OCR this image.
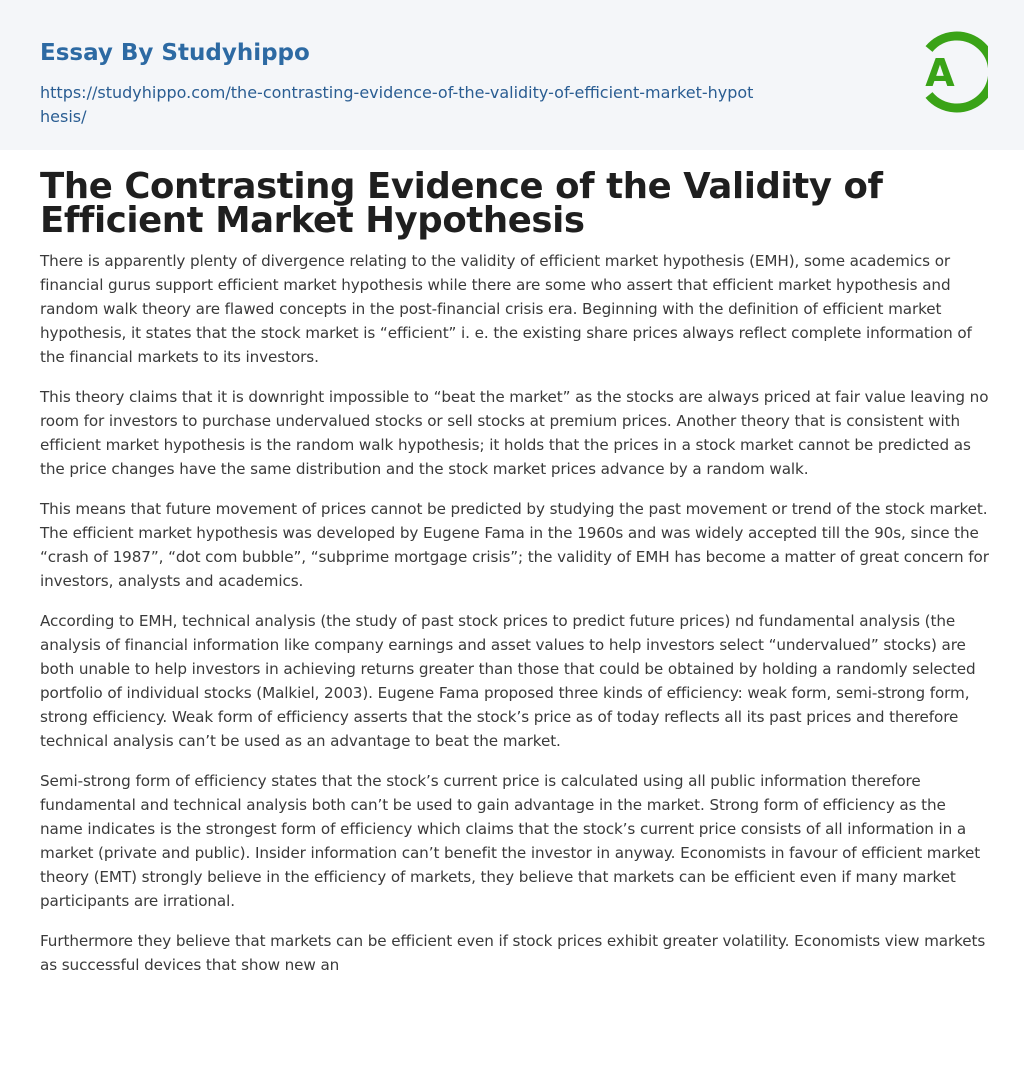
Essay By Studyhippo
https://studyhippo.com/the-contrasting-evidence-of-the-validity-of-efficient-market-hypothesis/
A
The Contrasting Evidence of the Validity of Efficient Market Hypothesis

There is apparently plenty of divergence relating to the validity of efficient market hypothesis (EMH), some academics or financial gurus support efficient market hypothesis while there are some who assert that efficient market hypothesis and random walk theory are flawed concepts in the post-financial crisis era. Beginning with the definition of efficient market hypothesis, it states that the stock market is “efficient” i. e. the existing share prices always reflect complete information of the financial markets to its investors.

This theory claims that it is downright impossible to “beat the market” as the stocks are always priced at fair value leaving no room for investors to purchase undervalued stocks or sell stocks at premium prices. Another theory that is consistent with efficient market hypothesis is the random walk hypothesis; it holds that the prices in a stock market cannot be predicted as the price changes have the same distribution and the stock market prices advance by a random walk.

This means that future movement of prices cannot be predicted by studying the past movement or trend of the stock market. The efficient market hypothesis was developed by Eugene Fama in the 1960s and was widely accepted till the 90s, since the “crash of 1987”, “dot com bubble”, “subprime mortgage crisis”; the validity of EMH has become a matter of great concern for investors, analysts and academics.

According to EMH, technical analysis (the study of past stock prices to predict future prices) nd fundamental analysis (the analysis of financial information like company earnings and asset values to help investors select “undervalued” stocks) are both unable to help investors in achieving returns greater than those that could be obtained by holding a randomly selected portfolio of individual stocks (Malkiel, 2003). Eugene Fama proposed three kinds of efficiency: weak form, semi-strong form, strong efficiency. Weak form of efficiency asserts that the stock’s price as of today reflects all its past prices and therefore technical analysis can’t be used as an advantage to beat the market.

Semi-strong form of efficiency states that the stock’s current price is calculated using all public information therefore fundamental and technical analysis both can’t be used to gain advantage in the market. Strong form of efficiency as the name indicates is the strongest form of efficiency which claims that the stock’s current price consists of all information in a market (private and public). Insider information can’t benefit the investor in anyway. Economists in favour of efficient market theory (EMT) strongly believe in the efficiency of markets, they believe that markets can be efficient even if many market participants are irrational.

Furthermore they believe that markets can be efficient even if stock prices exhibit greater volatility. Economists view markets as successful devices that show new an
